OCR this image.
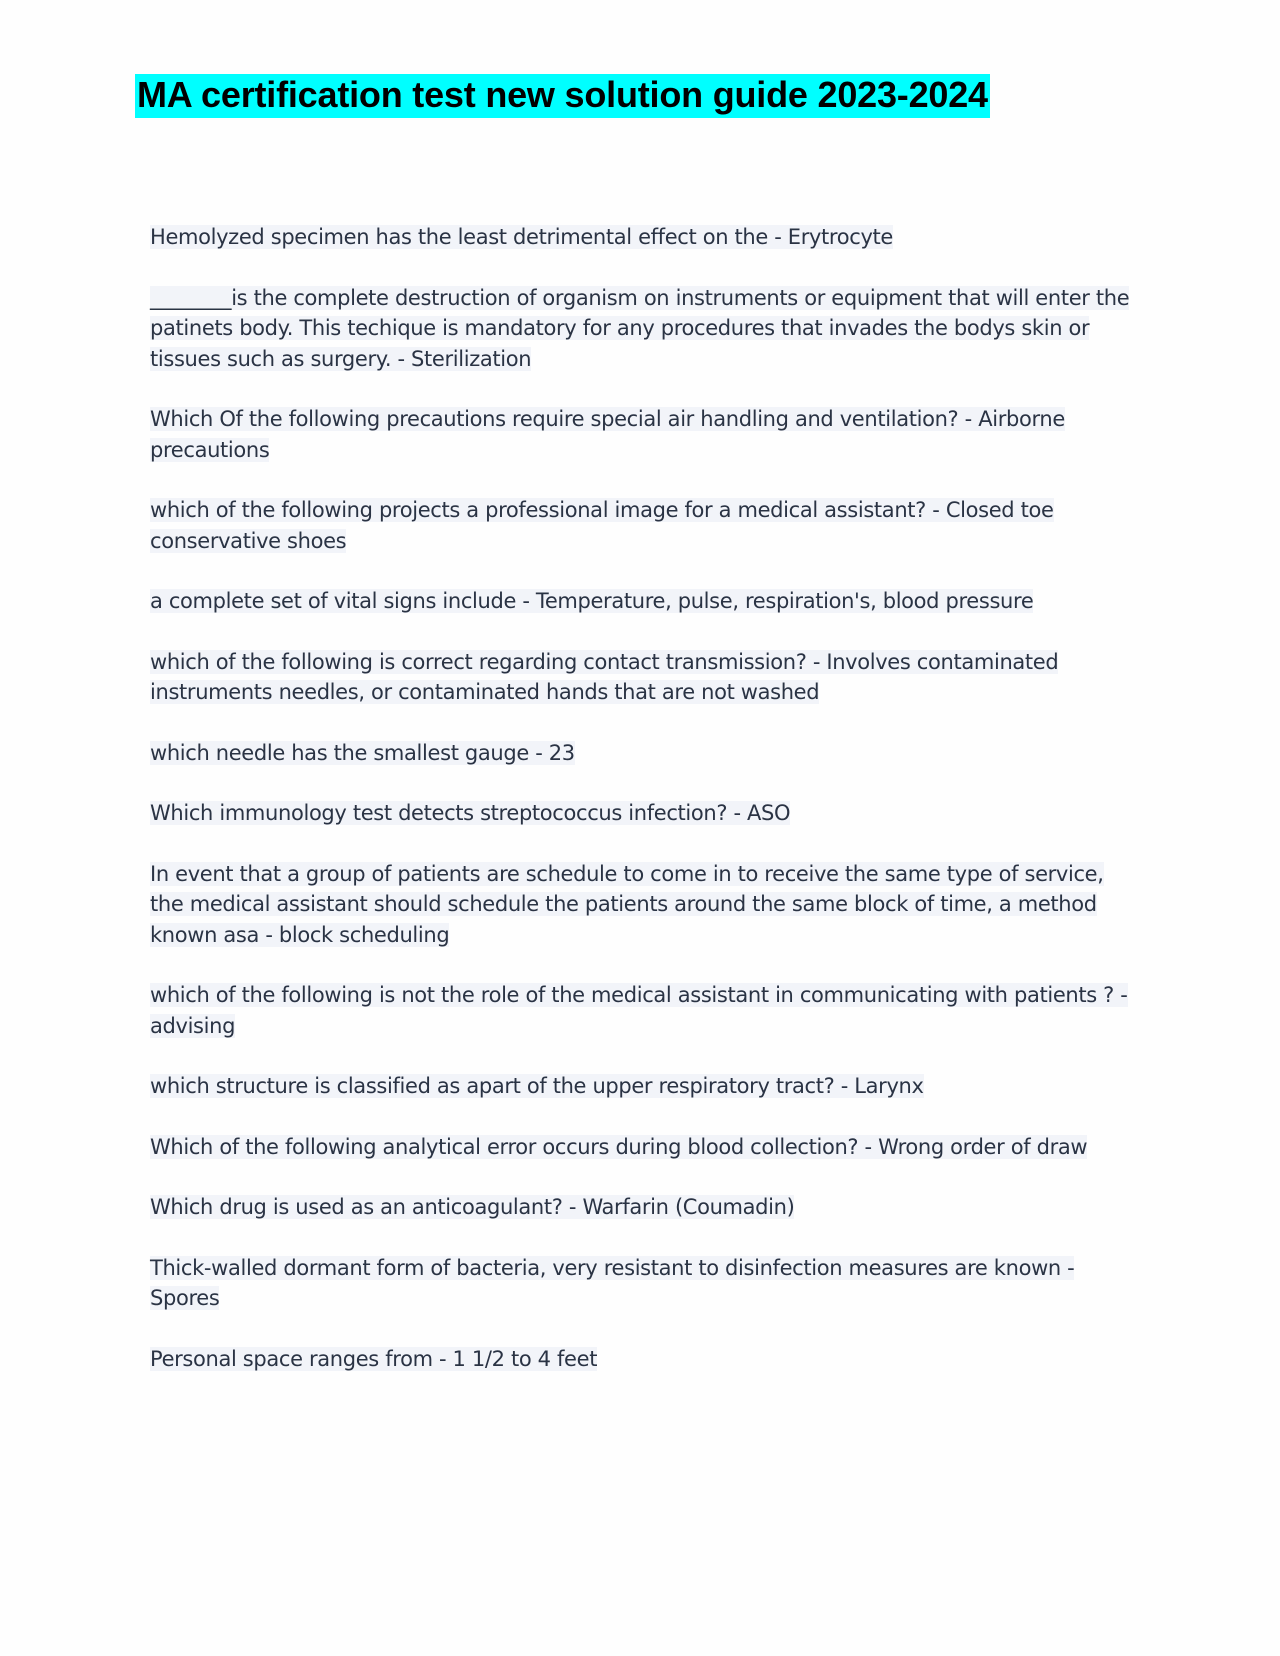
MA certification test new solution guide 2023-2024
Hemolyzed specimen has the least detrimental effect on the - Erytrocyte
________is the complete destruction of organism on instruments or equipment that will enter the patinets body. This techique is mandatory for any procedures that invades the bodys skin or tissues such as surgery. - Sterilization
Which Of the following precautions require special air handling and ventilation? - Airborne precautions
which of the following projects a professional image for a medical assistant? - Closed toe conservative shoes
a complete set of vital signs include - Temperature, pulse, respiration's, blood pressure
which of the following is correct regarding contact transmission? - Involves contaminated instruments needles, or contaminated hands that are not washed
which needle has the smallest gauge - 23
Which immunology test detects streptococcus infection? - ASO
In event that a group of patients are schedule to come in to receive the same type of service, the medical assistant should schedule the patients around the same block of time, a method known asa - block scheduling
which of the following is not the role of the medical assistant in communicating with patients ? - advising
which structure is classified as apart of the upper respiratory tract? - Larynx
Which of the following analytical error occurs during blood collection? - Wrong order of draw
Which drug is used as an anticoagulant? - Warfarin (Coumadin)
Thick-walled dormant form of bacteria, very resistant to disinfection measures are known - Spores
Personal space ranges from - 1 1/2 to 4 feet
